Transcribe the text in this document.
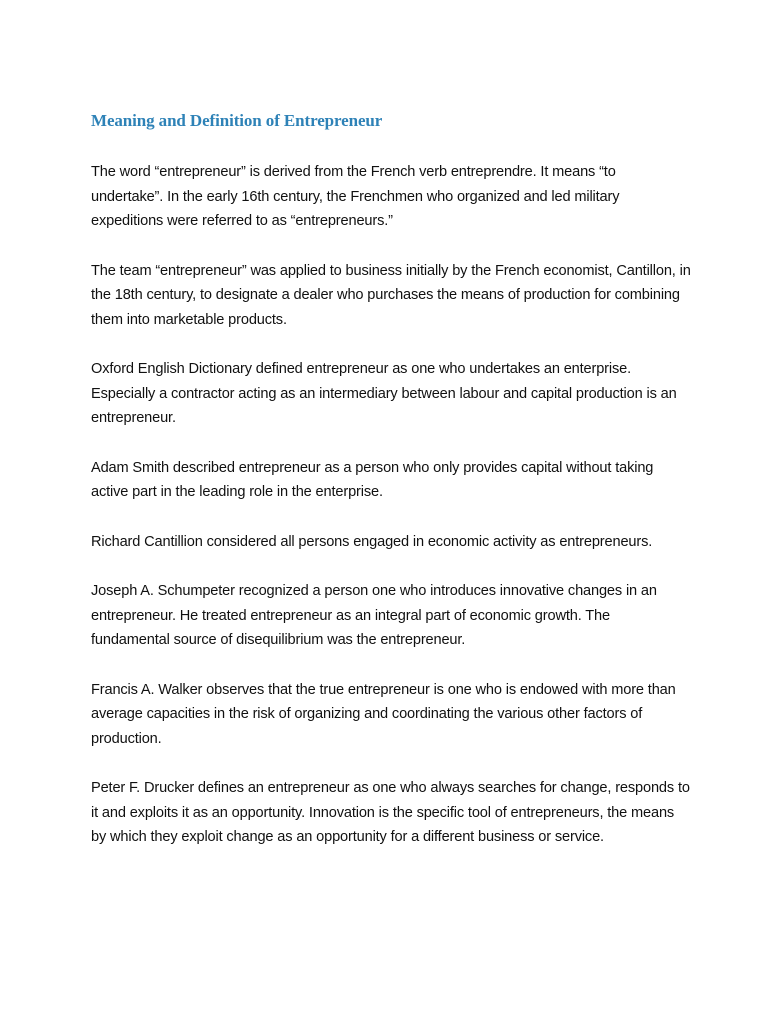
Meaning and Definition of Entrepreneur

The word “entrepreneur” is derived from the French verb entreprendre. It means “to undertake”. In the early 16th century, the Frenchmen who organized and led military expeditions were referred to as “entrepreneurs.”

The team “entrepreneur” was applied to business initially by the French economist, Cantillon, in the 18th century, to designate a dealer who purchases the means of production for combining them into marketable products.

Oxford English Dictionary defined entrepreneur as one who undertakes an enterprise. Especially a contractor acting as an intermediary between labour and capital production is an entrepreneur.

Adam Smith described entrepreneur as a person who only provides capital without taking active part in the leading role in the enterprise.

Richard Cantillion considered all persons engaged in economic activity as entrepreneurs.

Joseph A. Schumpeter recognized a person one who introduces innovative changes in an entrepreneur. He treated entrepreneur as an integral part of economic growth. The fundamental source of disequilibrium was the entrepreneur.

Francis A. Walker observes that the true entrepreneur is one who is endowed with more than average capacities in the risk of organizing and coordinating the various other factors of production.

Peter F. Drucker defines an entrepreneur as one who always searches for change, responds to it and exploits it as an opportunity. Innovation is the specific tool of entrepreneurs, the means by which they exploit change as an opportunity for a different business or service.
